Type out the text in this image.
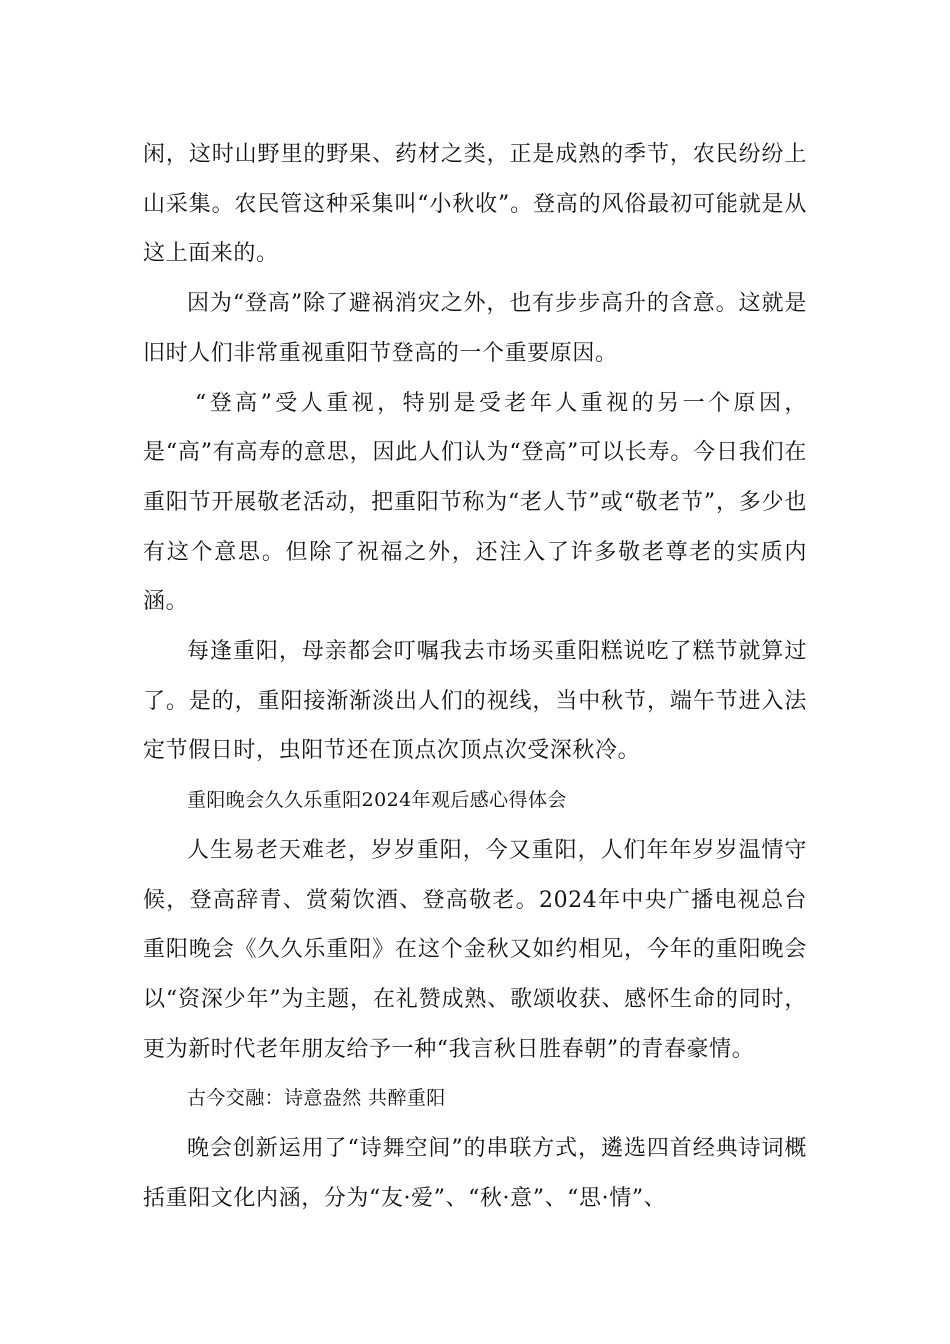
闲，这时山野里的野果、药材之类，正是成熟的季节，农民纷纷上山采集。农民管这种采集叫“小秋收”。登高的风俗最初可能就是从这上面来的。

因为“登高”除了避祸消灾之外，也有步步高升的含意。这就是旧时人们非常重视重阳节登高的一个重要原因。

“登高”受人重视，特别是受老年人重视的另一个原因，是“高”有高寿的意思，因此人们认为“登高”可以长寿。今日我们在重阳节开展敬老活动，把重阳节称为“老人节”或“敬老节”，多少也有这个意思。但除了祝福之外，还注入了许多敬老尊老的实质内涵。

每逢重阳，母亲都会叮嘱我去市场买重阳糕说吃了糕节就算过了。是的，重阳接渐渐淡出人们的视线，当中秋节，端午节进入法定节假日时，虫阳节还在顶点次顶点次受深秋冷。

重阳晚会久久乐重阳2024年观后感心得体会

人生易老天难老，岁岁重阳，今又重阳，人们年年岁岁温情守候，登高辞青、赏菊饮酒、登高敬老。2024年中央广播电视总台重阳晚会《久久乐重阳》在这个金秋又如约相见，今年的重阳晚会以“资深少年”为主题，在礼赞成熟、歌颂收获、感怀生命的同时，更为新时代老年朋友给予一种“我言秋日胜春朝”的青春豪情。

古今交融：诗意盎然 共醉重阳

晚会创新运用了“诗舞空间”的串联方式，遴选四首经典诗词概括重阳文化内涵，分为“友·爱”、“秋·意”、“思·情”、
